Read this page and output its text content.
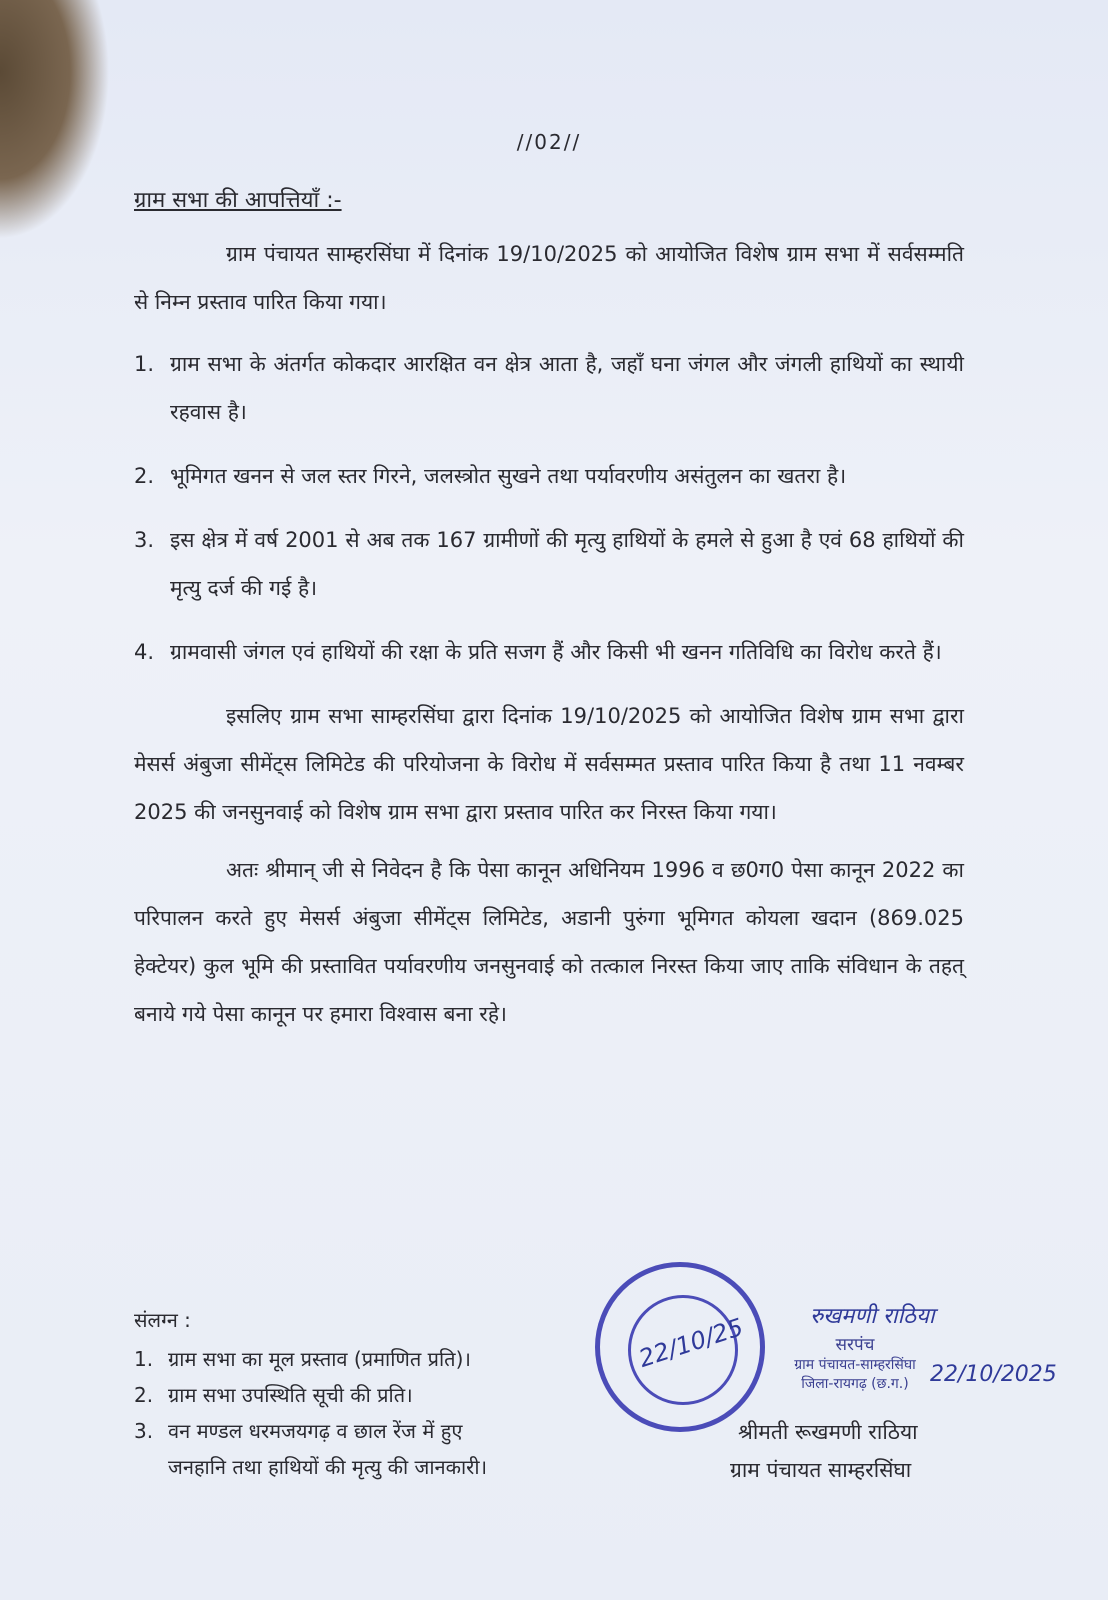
//02//
ग्राम सभा की आपत्तियाँ :-

ग्राम पंचायत साम्हरसिंघा में दिनांक 19/10/2025 को आयोजित विशेष ग्राम सभा में सर्वसम्मति से निम्न प्रस्ताव पारित किया गया।

1. ग्राम सभा के अंतर्गत कोकदार आरक्षित वन क्षेत्र आता है, जहाँ घना जंगल और जंगली हाथियों का स्थायी रहवास है।
2. भूमिगत खनन से जल स्तर गिरने, जलस्त्रोत सुखने तथा पर्यावरणीय असंतुलन का खतरा है।
3. इस क्षेत्र में वर्ष 2001 से अब तक 167 ग्रामीणों की मृत्यु हाथियों के हमले से हुआ है एवं 68 हाथियों की मृत्यु दर्ज की गई है।
4. ग्रामवासी जंगल एवं हाथियों की रक्षा के प्रति सजग हैं और किसी भी खनन गतिविधि का विरोध करते हैं।

इसलिए ग्राम सभा साम्हरसिंघा द्वारा दिनांक 19/10/2025 को आयोजित विशेष ग्राम सभा द्वारा मेसर्स अंबुजा सीमेंट्स लिमिटेड की परियोजना के विरोध में सर्वसम्मत प्रस्ताव पारित किया है तथा 11 नवम्बर 2025 की जनसुनवाई को विशेष ग्राम सभा द्वारा प्रस्ताव पारित कर निरस्त किया गया।

अतः श्रीमान् जी से निवेदन है कि पेसा कानून अधिनियम 1996 व छ0ग0 पेसा कानून 2022 का परिपालन करते हुए मेसर्स अंबुजा सीमेंट्स लिमिटेड, अडानी पुरुंगा भूमिगत कोयला खदान (869.025 हेक्टेयर) कुल भूमि की प्रस्तावित पर्यावरणीय जनसुनवाई को तत्काल निरस्त किया जाए ताकि संविधान के तहत् बनाये गये पेसा कानून पर हमारा विश्वास बना रहे।

संलग्न :
1. ग्राम सभा का मूल प्रस्ताव (प्रमाणित प्रति)।
2. ग्राम सभा उपस्थिति सूची की प्रति।
3. वन मण्डल धरमजयगढ़ व छाल रेंज में हुए
जनहानि तथा हाथियों की मृत्यु की जानकारी।
22/10/25	रुखमणी राठिया
सरपंच
ग्राम पंचायत-साम्हरसिंघा
जिला-रायगढ़ (छ.ग.) 22/10/2025
श्रीमती रूखमणी राठिया
ग्राम पंचायत साम्हरसिंघा
